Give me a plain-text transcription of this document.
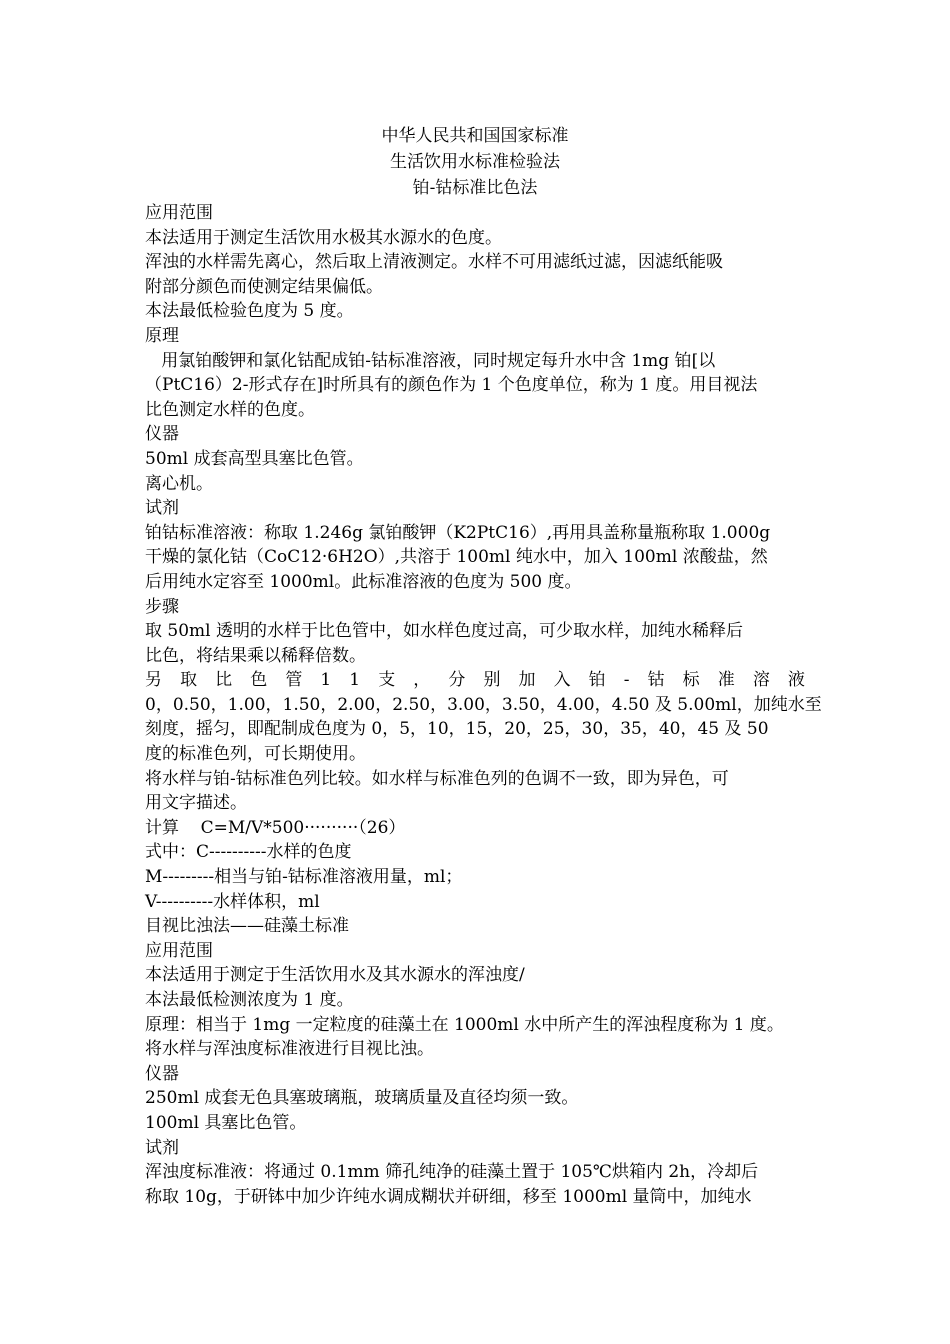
中华人民共和国国家标准
生活饮用水标准检验法
铂-钴标准比色法
应用范围
本法适用于测定生活饮用水极其水源水的色度。
浑浊的水样需先离心，然后取上清液测定。水样不可用滤纸过滤，因滤纸能吸
附部分颜色而使测定结果偏低。
本法最低检验色度为 5 度。
原理
用氯铂酸钾和氯化钴配成铂-钴标准溶液，同时规定每升水中含 1mg 铂[以
（PtC16）2-形式存在]时所具有的颜色作为 1 个色度单位，称为 1 度。用目视法
比色测定水样的色度。
仪器
50ml 成套高型具塞比色管。
离心机。
试剂
铂钴标准溶液：称取 1.246g 氯铂酸钾（K2PtC16）,再用具盖称量瓶称取 1.000g
干燥的氯化钴（CoC12·6H2O）,共溶于 100ml 纯水中，加入 100ml 浓酸盐，然
后用纯水定容至 1000ml。此标准溶液的色度为 500 度。
步骤
取 50ml 透明的水样于比色管中，如水样色度过高，可少取水样，加纯水稀释后
比色，将结果乘以稀释倍数。
另 取 比 色 管 1 1 支 ， 分 别 加 入 铂 - 钴 标 准 溶 液
0，0.50，1.00，1.50，2.00，2.50，3.00，3.50，4.00，4.50 及 5.00ml，加纯水至
刻度，摇匀，即配制成色度为 0，5，10，15，20，25，30，35，40，45 及 50
度的标准色列，可长期使用。
将水样与铂-钴标准色列比较。如水样与标准色列的色调不一致，即为异色，可
用文字描述。
计算    C=M/V*500··········（26）
式中：C----------水样的色度
M---------相当与铂-钴标准溶液用量，ml；
V----------水样体积，ml
目视比浊法——硅藻土标准
应用范围
本法适用于测定于生活饮用水及其水源水的浑浊度/
本法最低检测浓度为 1 度。
原理：相当于 1mg 一定粒度的硅藻土在 1000ml 水中所产生的浑浊程度称为 1 度。
将水样与浑浊度标准液进行目视比浊。
仪器
250ml 成套无色具塞玻璃瓶，玻璃质量及直径均须一致。
100ml 具塞比色管。
试剂
浑浊度标准液：将通过 0.1mm 筛孔纯净的硅藻土置于 105℃烘箱内 2h，冷却后
称取 10g，于研钵中加少许纯水调成糊状并研细，移至 1000ml 量筒中，加纯水
